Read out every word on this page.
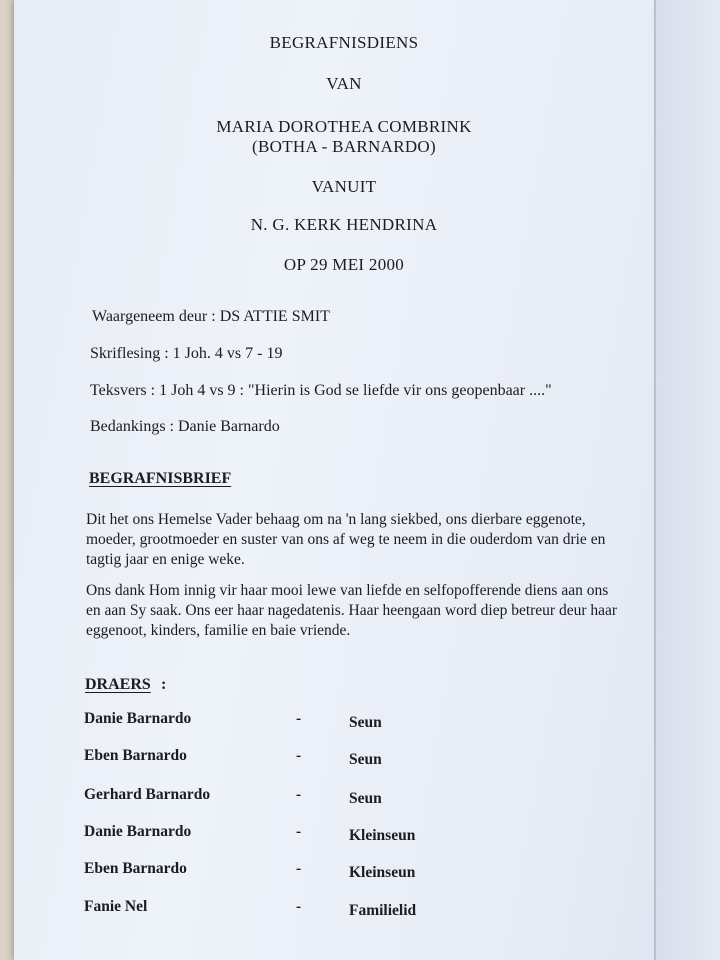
BEGRAFNISDIENS
VAN
MARIA DOROTHEA COMBRINK
(BOTHA - BARNARDO)
VANUIT
N. G. KERK HENDRINA
OP 29 MEI 2000
Waargeneem deur : DS ATTIE SMIT
Skriflesing : 1 Joh. 4 vs 7 - 19
Teksvers : 1 Joh 4 vs 9 : "Hierin is God se liefde vir ons geopenbaar ...."
Bedankings : Danie Barnardo
BEGRAFNISBRIEF
Dit het ons Hemelse Vader behaag om na 'n lang siekbed, ons dierbare eggenote, moeder, grootmoeder en suster van ons af weg te neem in die ouderdom van drie en tagtig jaar en enige weke.
Ons dank Hom innig vir haar mooi lewe van liefde en selfopofferende diens aan ons en aan Sy saak. Ons eer haar nagedatenis. Haar heengaan word diep betreur deur haar eggenoot, kinders, familie en baie vriende.
DRAERS :
Danie Barnardo	-	Seun
Eben Barnardo	-	Seun
Gerhard Barnardo	-	Seun
Danie Barnardo	-	Kleinseun
Eben Barnardo	-	Kleinseun
Fanie Nel	-	Familielid
